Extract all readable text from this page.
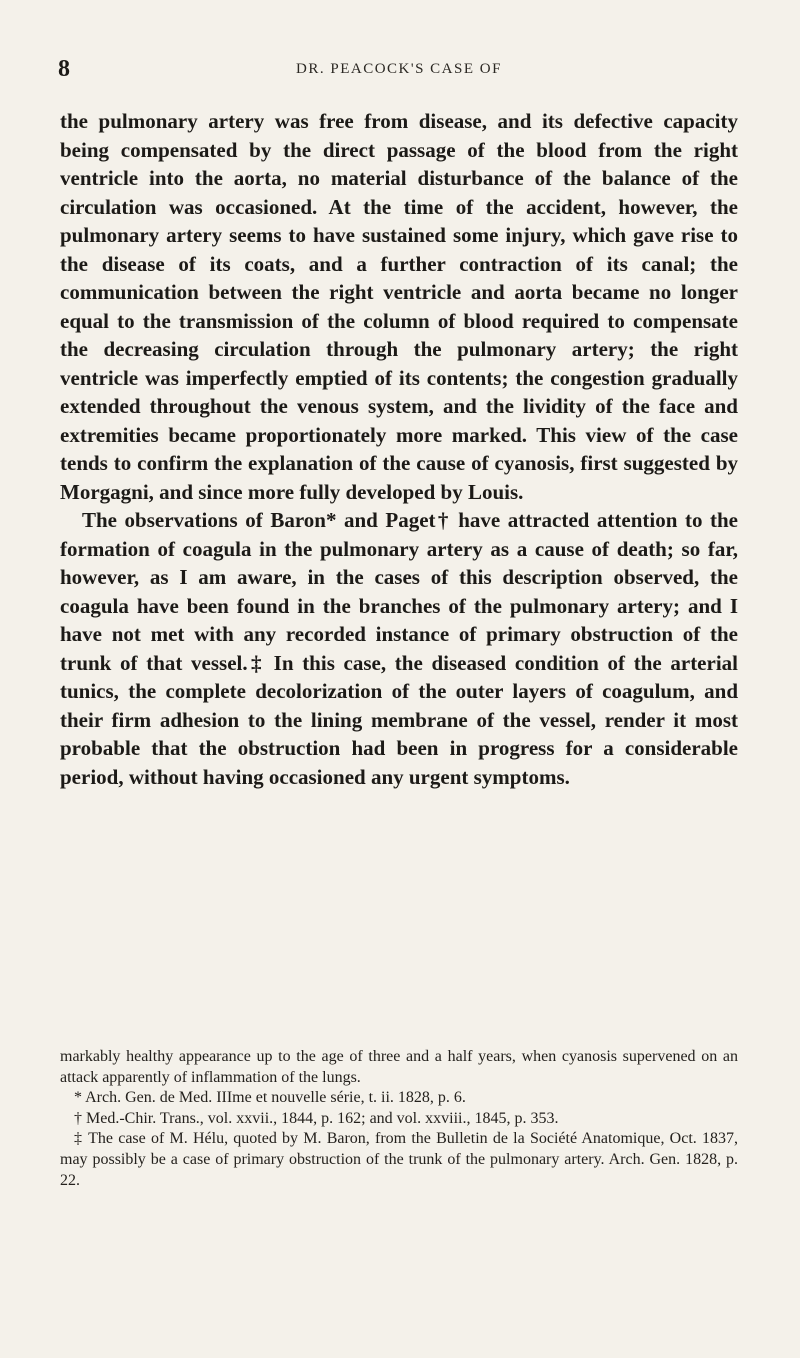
8	DR. PEACOCK'S CASE OF

the pulmonary artery was free from disease, and its defective capacity being compensated by the direct passage of the blood from the right ventricle into the aorta, no material disturbance of the balance of the circulation was occasioned. At the time of the accident, however, the pulmonary artery seems to have sustained some injury, which gave rise to the disease of its coats, and a further contraction of its canal; the communication between the right ventricle and aorta became no longer equal to the transmission of the column of blood required to compensate the decreasing circulation through the pulmonary artery; the right ventricle was imperfectly emptied of its contents; the congestion gradually extended throughout the venous system, and the lividity of the face and extremities became proportionately more marked. This view of the case tends to confirm the explanation of the cause of cyanosis, first suggested by Morgagni, and since more fully developed by Louis.

The observations of Baron* and Paget† have attracted attention to the formation of coagula in the pulmonary artery as a cause of death; so far, however, as I am aware, in the cases of this description observed, the coagula have been found in the branches of the pulmonary artery; and I have not met with any recorded instance of primary obstruction of the trunk of that vessel.‡ In this case, the diseased condition of the arterial tunics, the complete decolorization of the outer layers of coagulum, and their firm adhesion to the lining membrane of the vessel, render it most probable that the obstruction had been in progress for a considerable period, without having occasioned any urgent symptoms.

markably healthy appearance up to the age of three and a half years, when cyanosis supervened on an attack apparently of inflammation of the lungs.

* Arch. Gen. de Med. IIIme et nouvelle série, t. ii. 1828, p. 6.

† Med.-Chir. Trans., vol. xxvii., 1844, p. 162; and vol. xxviii., 1845, p. 353.

‡ The case of M. Hélu, quoted by M. Baron, from the Bulletin de la Société Anatomique, Oct. 1837, may possibly be a case of primary obstruction of the trunk of the pulmonary artery. Arch. Gen. 1828, p. 22.
